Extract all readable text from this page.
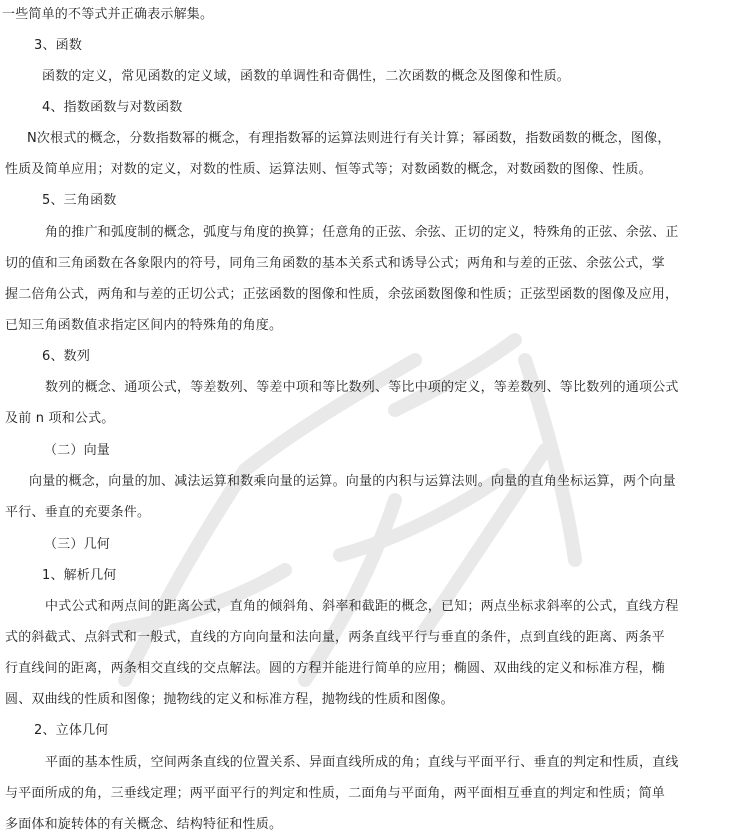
一些简单的不等式并正确表示解集。
3、函数
函数的定义，常见函数的定义域，函数的单调性和奇偶性，二次函数的概念及图像和性质。
4、指数函数与对数函数
N次根式的概念，分数指数幂的概念，有理指数幂的运算法则进行有关计算；幂函数，指数函数的概念，图像，
性质及简单应用；对数的定义，对数的性质、运算法则、恒等式等；对数函数的概念，对数函数的图像、性质。
5、三角函数
角的推广和弧度制的概念，弧度与角度的换算；任意角的正弦、余弦、正切的定义，特殊角的正弦、余弦、正
切的值和三角函数在各象限内的符号，同角三角函数的基本关系式和诱导公式；两角和与差的正弦、余弦公式，掌
握二倍角公式，两角和与差的正切公式；正弦函数的图像和性质，余弦函数图像和性质；正弦型函数的图像及应用，
已知三角函数值求指定区间内的特殊角的角度。
6、数列
数列的概念、通项公式，等差数列、等差中项和等比数列、等比中项的定义，等差数列、等比数列的通项公式
及前 n 项和公式。
（二）向量
向量的概念，向量的加、减法运算和数乘向量的运算。向量的内积与运算法则。向量的直角坐标运算，两个向量
平行、垂直的充要条件。
（三）几何
1、解析几何
中式公式和两点间的距离公式，直角的倾斜角、斜率和截距的概念，已知；两点坐标求斜率的公式，直线方程
式的斜截式、点斜式和一般式，直线的方向向量和法向量，两条直线平行与垂直的条件，点到直线的距离、两条平
行直线间的距离，两条相交直线的交点解法。圆的方程并能进行简单的应用；椭圆、双曲线的定义和标准方程，椭
圆、双曲线的性质和图像；抛物线的定义和标准方程，抛物线的性质和图像。
2、立体几何
平面的基本性质，空间两条直线的位置关系、异面直线所成的角；直线与平面平行、垂直的判定和性质，直线
与平面所成的角，三垂线定理；两平面平行的判定和性质，二面角与平面角，两平面相互垂直的判定和性质；简单
多面体和旋转体的有关概念、结构特征和性质。
